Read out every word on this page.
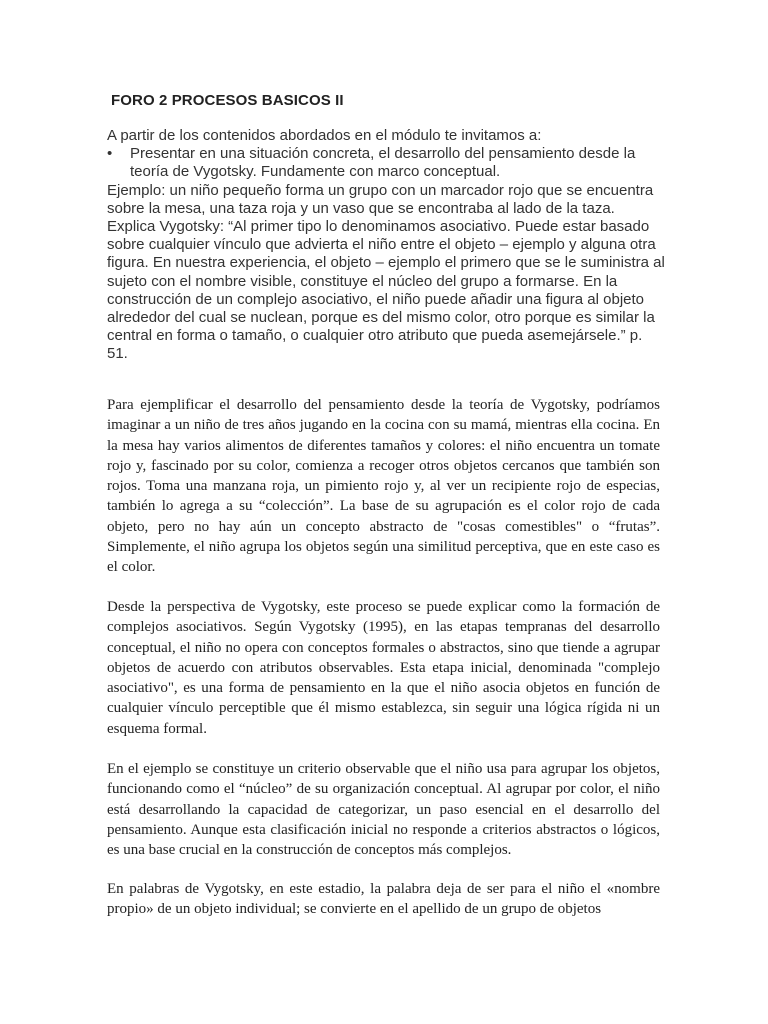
FORO 2 PROCESOS BASICOS II

A partir de los contenidos abordados en el módulo te invitamos a:

• Presentar en una situación concreta, el desarrollo del pensamiento desde la teoría de Vygotsky. Fundamente con marco conceptual.

Ejemplo: un niño pequeño forma un grupo con un marcador rojo que se encuentra sobre la mesa, una taza roja y un vaso que se encontraba al lado de la taza.

Explica Vygotsky: “Al primer tipo lo denominamos asociativo. Puede estar basado sobre cualquier vínculo que advierta el niño entre el objeto – ejemplo y alguna otra figura. En nuestra experiencia, el objeto – ejemplo el primero que se le suministra al sujeto con el nombre visible, constituye el núcleo del grupo a formarse. En la construcción de un complejo asociativo, el niño puede añadir una figura al objeto alrededor del cual se nuclean, porque es del mismo color, otro porque es similar la central en forma o tamaño, o cualquier otro atributo que pueda asemejársele.” p. 51.

Para ejemplificar el desarrollo del pensamiento desde la teoría de Vygotsky, podríamos imaginar a un niño de tres años jugando en la cocina con su mamá, mientras ella cocina. En la mesa hay varios alimentos de diferentes tamaños y colores: el niño encuentra un tomate rojo y, fascinado por su color, comienza a recoger otros objetos cercanos que también son rojos. Toma una manzana roja, un pimiento rojo y, al ver un recipiente rojo de especias, también lo agrega a su “colección”. La base de su agrupación es el color rojo de cada objeto, pero no hay aún un concepto abstracto de "cosas comestibles" o “frutas”. Simplemente, el niño agrupa los objetos según una similitud perceptiva, que en este caso es el color.

Desde la perspectiva de Vygotsky, este proceso se puede explicar como la formación de complejos asociativos. Según Vygotsky (1995), en las etapas tempranas del desarrollo conceptual, el niño no opera con conceptos formales o abstractos, sino que tiende a agrupar objetos de acuerdo con atributos observables. Esta etapa inicial, denominada "complejo asociativo", es una forma de pensamiento en la que el niño asocia objetos en función de cualquier vínculo perceptible que él mismo establezca, sin seguir una lógica rígida ni un esquema formal.

En el ejemplo se constituye un criterio observable que el niño usa para agrupar los objetos, funcionando como el “núcleo” de su organización conceptual. Al agrupar por color, el niño está desarrollando la capacidad de categorizar, un paso esencial en el desarrollo del pensamiento. Aunque esta clasificación inicial no responde a criterios abstractos o lógicos, es una base crucial en la construcción de conceptos más complejos.

En palabras de Vygotsky, en este estadio, la palabra deja de ser para el niño el «nombre propio» de un objeto individual; se convierte en el apellido de un grupo de objetos
